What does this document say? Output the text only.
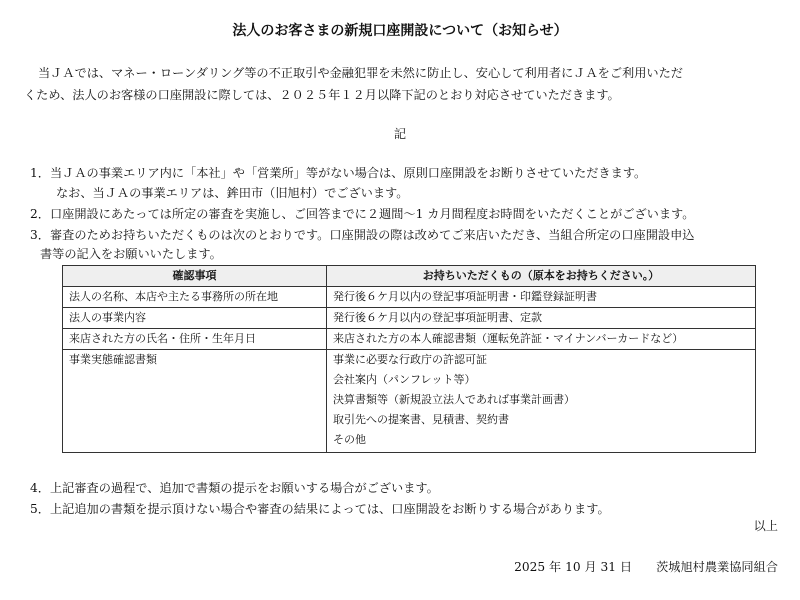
法人のお客さまの新規口座開設について（お知らせ）

当ＪＡでは、マネー・ローンダリング等の不正取引や金融犯罪を未然に防止し、安心して利用者にＪＡをご利用いただ

くため、法人のお客様の口座開設に際しては、２０２５年１２月以降下記のとおり対応させていただきます。

記

1．当ＪＡの事業エリア内に「本社」や「営業所」等がない場合は、原則口座開設をお断りさせていただきます。

なお、当ＪＡの事業エリアは、鉾田市（旧旭村）でございます。

2．口座開設にあたっては所定の審査を実施し、ご回答までに２週間～1 カ月間程度お時間をいただくことがございます。

3．審査のためお持ちいただくものは次のとおりです。口座開設の際は改めてご来店いただき、当組合所定の口座開設申込

書等の記入をお願いいたします。

確認事項	お持ちいただくもの（原本をお持ちください。）
法人の名称、本店や主たる事務所の所在地	発行後６ケ月以内の登記事項証明書・印鑑登録証明書
法人の事業内容	発行後６ケ月以内の登記事項証明書、定款
来店された方の氏名・住所・生年月日	来店された方の本人確認書類（運転免許証・マイナンバーカードなど）
事業実態確認書類	事業に必要な行政庁の許認可証
会社案内（パンフレット等）
決算書類等（新規設立法人であれば事業計画書）
取引先への提案書、見積書、契約書
その他

4．上記審査の過程で、追加で書類の提示をお願いする場合がございます。

5．上記追加の書類を提示頂けない場合や審査の結果によっては、口座開設をお断りする場合があります。

以上

2025 年 10 月 31 日 茨城旭村農業協同組合
